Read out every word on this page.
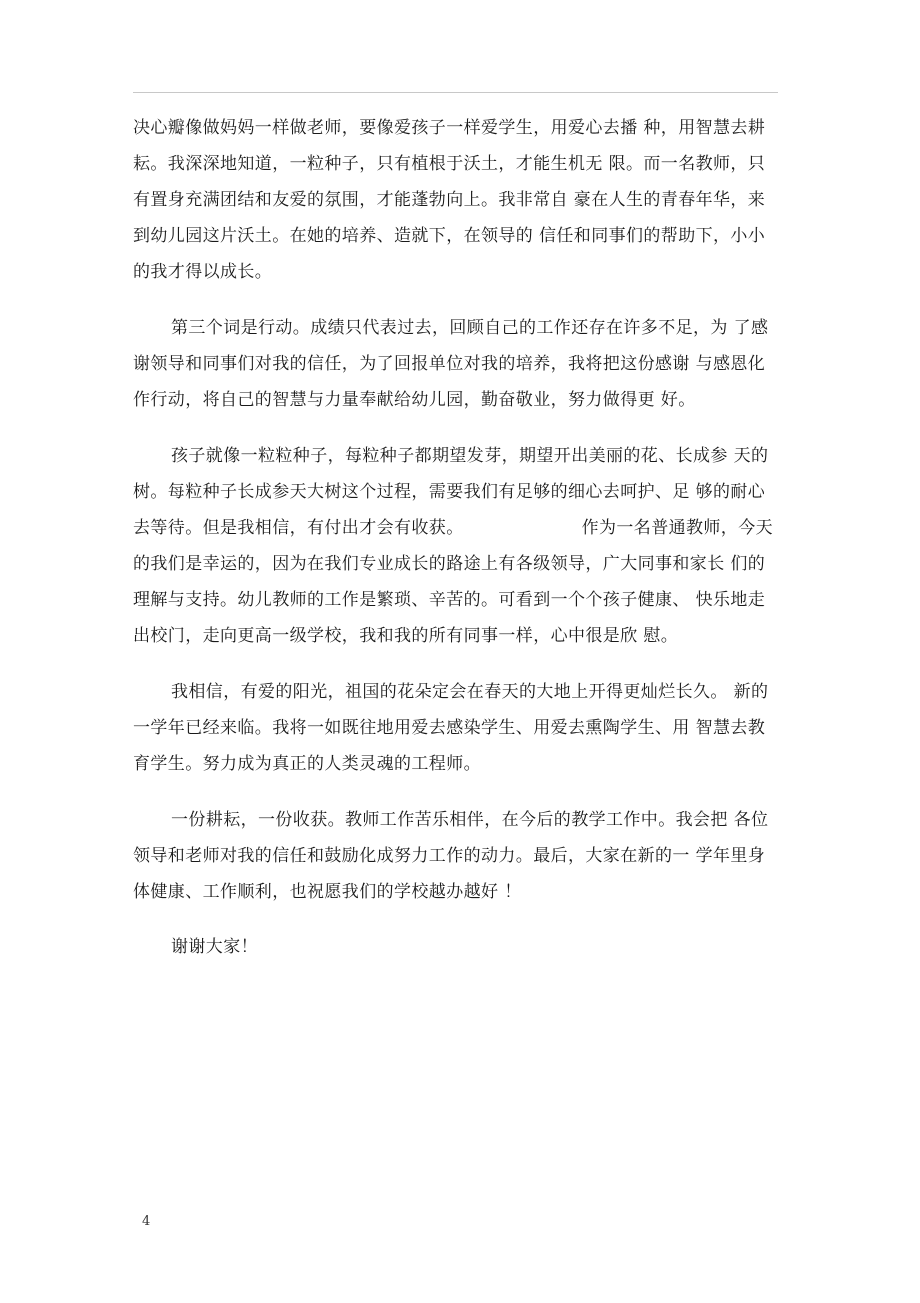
决心瓣像做妈妈一样做老师，要像爱孩子一样爱学生，用爱心去播 种，用智慧去耕
耘。我深深地知道，一粒种子，只有植根于沃土，才能生机无 限。而一名教师，只
有置身充满团结和友爱的氛围，才能蓬勃向上。我非常自 豪在人生的青春年华，来
到幼儿园这片沃土。在她的培养、造就下，在领导的 信任和同事们的帮助下，小小
的我才得以成长。

第三个词是行动。成绩只代表过去，回顾自己的工作还存在许多不足，为 了感
谢领导和同事们对我的信任，为了回报单位对我的培养，我将把这份感谢 与感恩化
作行动，将自己的智慧与力量奉献给幼儿园，勤奋敬业，努力做得更 好。

孩子就像一粒粒种子，每粒种子都期望发芽，期望开出美丽的花、长成参 天的
树。每粒种子长成参天大树这个过程，需要我们有足够的细心去呵护、足 够的耐心
去等待。但是我相信，有付出才会有收获。	作为一名普通教师，今天
的我们是幸运的，因为在我们专业成长的路途上有各级领导，广大同事和家长 们的
理解与支持。幼儿教师的工作是繁琐、辛苦的。可看到一个个孩子健康、 快乐地走
出校门，走向更高一级学校，我和我的所有同事一样，心中很是欣 慰。

我相信，有爱的阳光，祖国的花朵定会在春天的大地上开得更灿烂长久。 新的
一学年已经来临。我将一如既往地用爱去感染学生、用爱去熏陶学生、用 智慧去教
育学生。努力成为真正的人类灵魂的工程师。

一份耕耘，一份收获。教师工作苦乐相伴，在今后的教学工作中。我会把 各位
领导和老师对我的信任和鼓励化成努力工作的动力。最后，大家在新的一 学年里身
体健康、工作顺利，也祝愿我们的学校越办越好 ！

谢谢大家！

4
